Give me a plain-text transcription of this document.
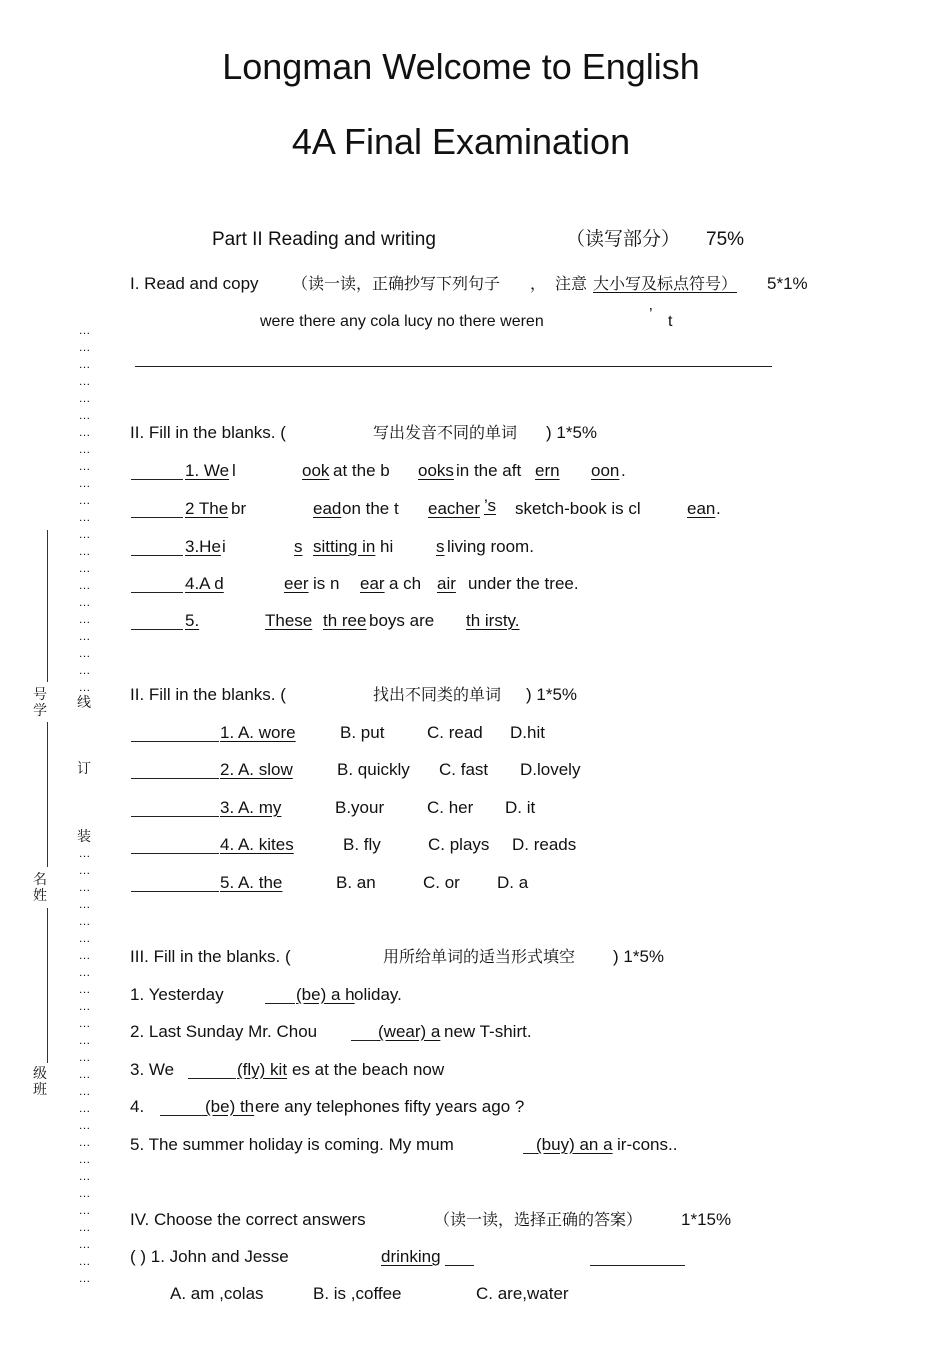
Longman Welcome to English
4A Final Examination
Part II Reading and writing	（读写部分） 75%
I. Read and copy （读一读，正确抄写下列句子 ， 注意 大小写及标点符号） 5*1%
were there any cola lucy no there weren	’ t
II. Fill in the blanks. (	写出发音不同的单词 ) 1*5%
1. We l	ook at the b ooks in the aft ern oon .
2 The br	ead on the t eacher ’s sketch-book is cl	ean .
3.He i	s sitting in hi	s living room.
4.A d	eer is n ear a ch air under the tree.
5.	These th ree boys are th irsty.
II. Fill in the blanks. (	找出不同类的单词 ) 1*5%
1. A. wore	B. put	C. read D.hit
2. A. slow	B. quickly C. fast D.lovely
3. A. my	B.your	C. her D. it
4. A. kites	B. fly	C. plays D. reads
5. A. the	B. an	C. or D. a
III. Fill in the blanks. (	用所给单词的适当形式填空 ) 1*5%
1. Yesterday	(be) a h oliday.
2. Last Sunday Mr. Chou	(wear) a new T-shirt.
3. We	(fly) kit es at the beach now
4.	(be) th ere any telephones fifty years ago ?
5. The summer holiday is coming. My mum	(buy) an a ir-cons..
IV. Choose the correct answers	（读一读，选择正确的答案） 1*15%
( ) 1. John and Jesse	drinking
A. am ,colas	B. is ,coffee	C. are,water
…
…
…
…
…
…
…
…
…
…
…
…
…
…
…
…
…
…
…
…
…
…
线
订
装
…
…
…
…
…
…
…
…
…
…
…
…
…
…
…
…
…
…
…
…
…
…
…
…
…
…
号
学
名
姓
级
班
